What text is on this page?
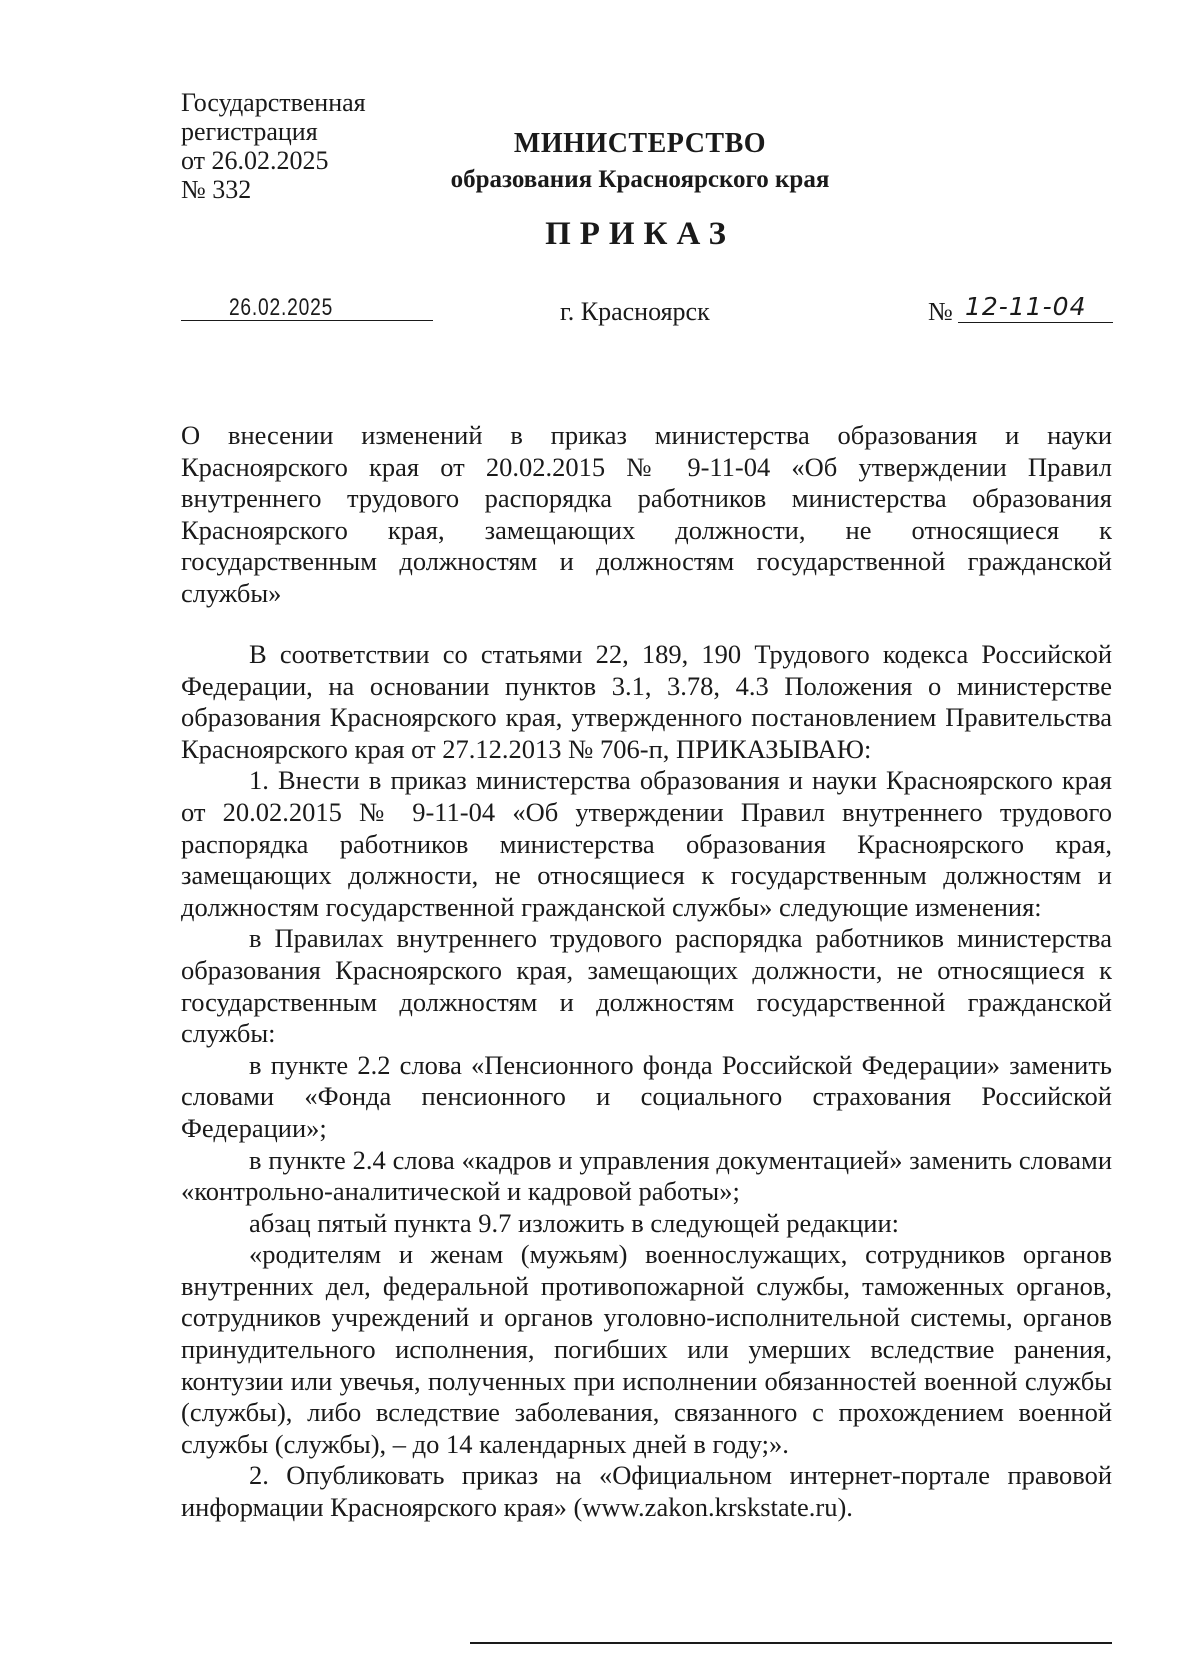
Государственная
регистрация
от 26.02.2025
№ 332
МИНИСТЕРСТВО
образования Красноярского края
ПРИКАЗ
26.02.2025	г. Красноярск	№ 12-11-04
О внесении изменений в приказ министерства образования и науки Красноярского края от 20.02.2015 № 9-11-04 «Об утверждении Правил внутреннего трудового распорядка работников министерства образования Красноярского края, замещающих должности, не относящиеся к государственным должностям и должностям государственной гражданской службы»

В соответствии со статьями 22, 189, 190 Трудового кодекса Российской Федерации, на основании пунктов 3.1, 3.78, 4.3 Положения о министерстве образования Красноярского края, утвержденного постановлением Правительства Красноярского края от 27.12.2013 № 706-п, ПРИКАЗЫВАЮ:

1. Внести в приказ министерства образования и науки Красноярского края от 20.02.2015 № 9-11-04 «Об утверждении Правил внутреннего трудового распорядка работников министерства образования Красноярского края, замещающих должности, не относящиеся к государственным должностям и должностям государственной гражданской службы» следующие изменения:

в Правилах внутреннего трудового распорядка работников министерства образования Красноярского края, замещающих должности, не относящиеся к государственным должностям и должностям государственной гражданской службы:

в пункте 2.2 слова «Пенсионного фонда Российской Федерации» заменить словами «Фонда пенсионного и социального страхования Российской Федерации»;

в пункте 2.4 слова «кадров и управления документацией» заменить словами «контрольно-аналитической и кадровой работы»;

абзац пятый пункта 9.7 изложить в следующей редакции:

«родителям и женам (мужьям) военнослужащих, сотрудников органов внутренних дел, федеральной противопожарной службы, таможенных органов, сотрудников учреждений и органов уголовно-исполнительной системы, органов принудительного исполнения, погибших или умерших вследствие ранения, контузии или увечья, полученных при исполнении обязанностей военной службы (службы), либо вследствие заболевания, связанного с прохождением военной службы (службы), – до 14 календарных дней в году;».

2. Опубликовать приказ на «Официальном интернет-портале правовой информации Красноярского края» (www.zakon.krskstate.ru).
